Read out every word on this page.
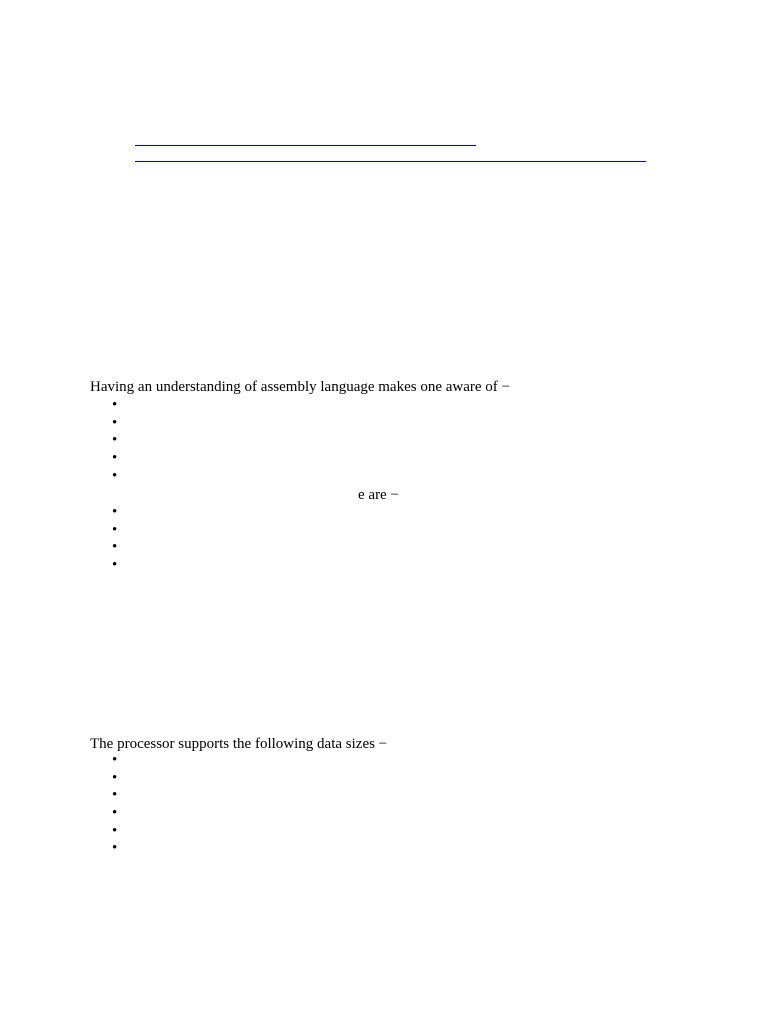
Having an understanding of assembly language makes one aware of −

•
•
•
•
•

e are −

•
•
•
•

The processor supports the following data sizes −

•
•
•
•
•
•
